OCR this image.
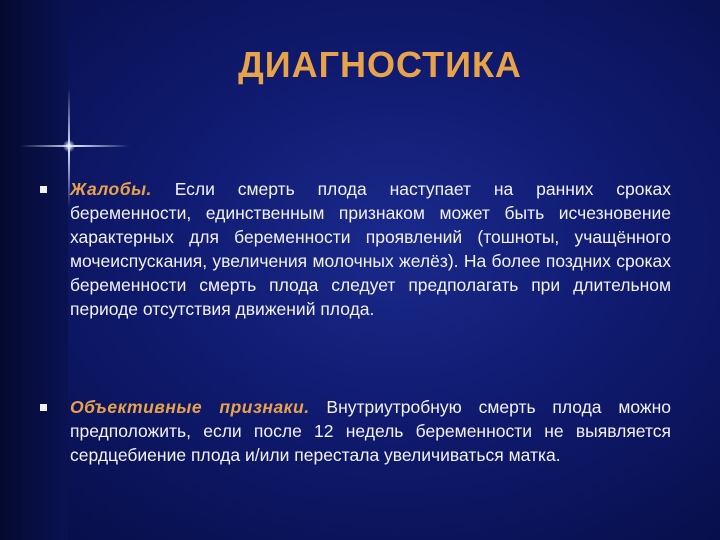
ДИАГНОСТИКА
Жалобы. Если смерть плода наступает на ранних сроках беременности, единственным признаком может быть исчезновение характерных для беременности проявлений (тошноты, учащённого мочеиспускания, увеличения молочных желёз). На более поздних сроках беременности смерть плода следует предполагать при длительном периоде отсутствия движений плода.
Объективные признаки. Внутриутробную смерть плода можно предположить, если после 12 недель беременности не выявляется сердцебиение плода и/или перестала увеличиваться матка.
